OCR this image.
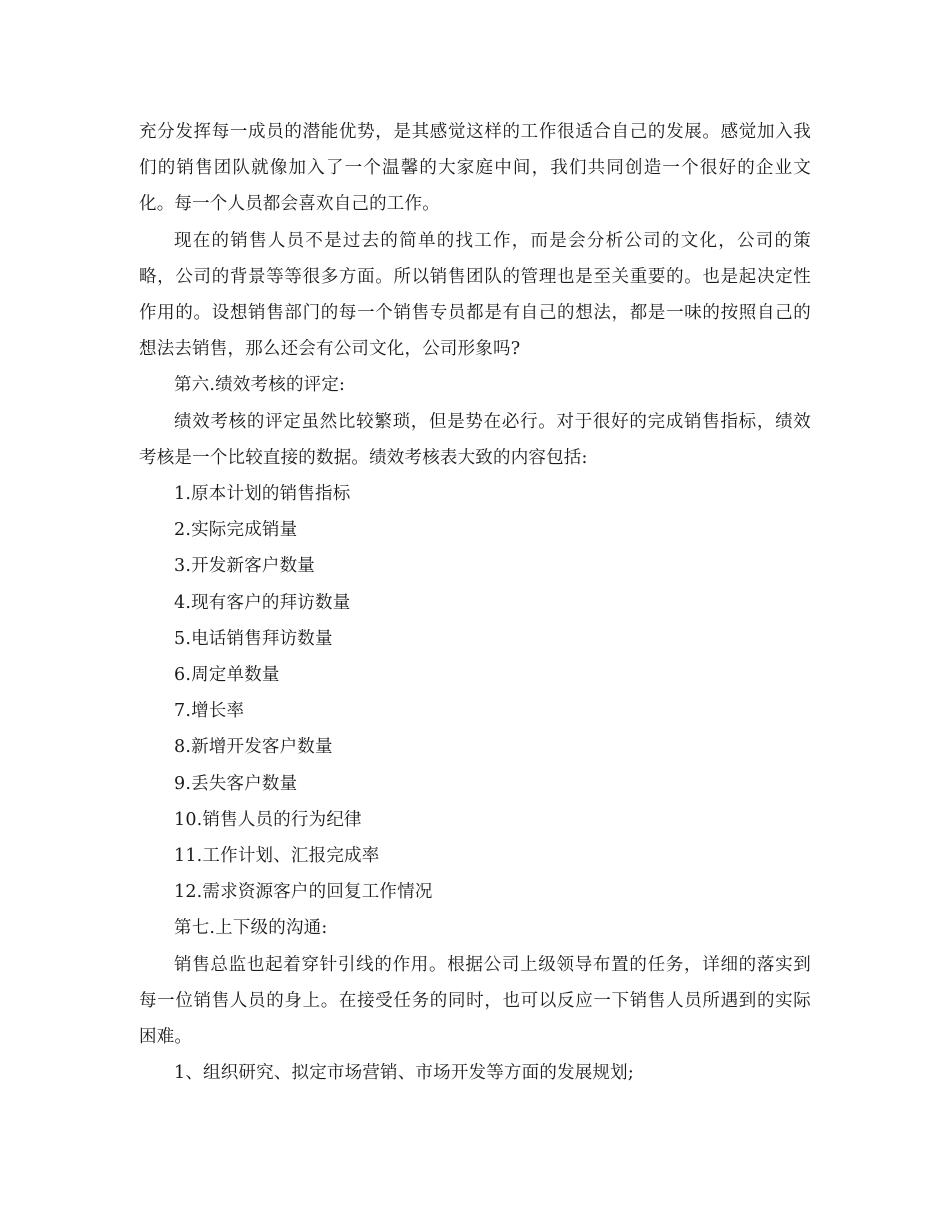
充分发挥每一成员的潜能优势，是其感觉这样的工作很适合自己的发展。感觉加入我们的销售团队就像加入了一个温馨的大家庭中间，我们共同创造一个很好的企业文化。每一个人员都会喜欢自己的工作。

现在的销售人员不是过去的简单的找工作，而是会分析公司的文化，公司的策略，公司的背景等等很多方面。所以销售团队的管理也是至关重要的。也是起决定性作用的。设想销售部门的每一个销售专员都是有自己的想法，都是一味的按照自己的想法去销售，那么还会有公司文化，公司形象吗?

第六.绩效考核的评定:

绩效考核的评定虽然比较繁琐，但是势在必行。对于很好的完成销售指标，绩效考核是一个比较直接的数据。绩效考核表大致的内容包括:

1.原本计划的销售指标

2.实际完成销量

3.开发新客户数量

4.现有客户的拜访数量

5.电话销售拜访数量

6.周定单数量

7.增长率

8.新增开发客户数量

9.丢失客户数量

10.销售人员的行为纪律

11.工作计划、汇报完成率

12.需求资源客户的回复工作情况

第七.上下级的沟通:

销售总监也起着穿针引线的作用。根据公司上级领导布置的任务，详细的落实到每一位销售人员的身上。在接受任务的同时，也可以反应一下销售人员所遇到的实际困难。

1、组织研究、拟定市场营销、市场开发等方面的发展规划;
